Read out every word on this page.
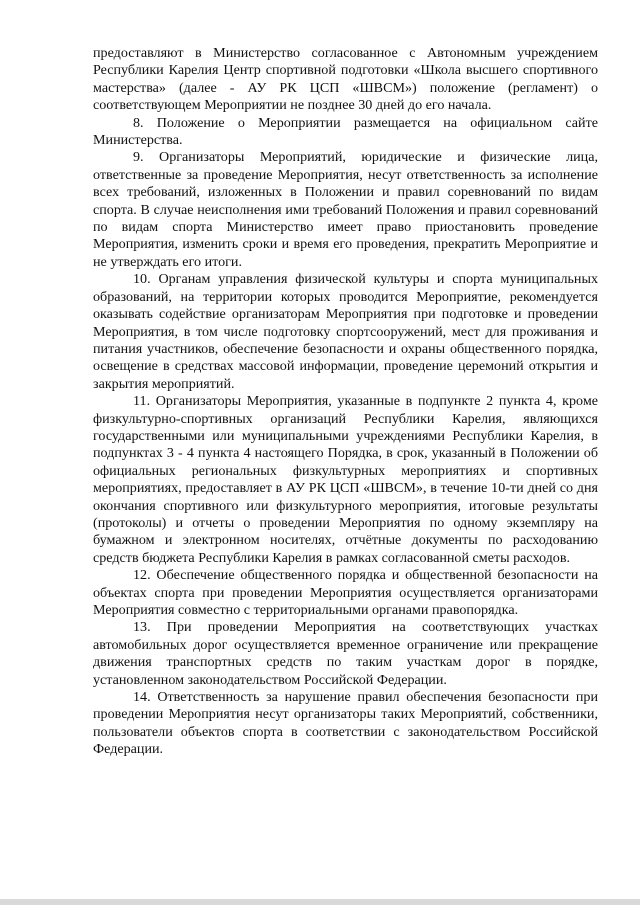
предоставляют в Министерство согласованное с Автономным учреждением Республики Карелия Центр спортивной подготовки «Школа высшего спортивного мастерства» (далее - АУ РК ЦСП «ШВСМ») положение (регламент) о соответствующем Мероприятии не позднее 30 дней до его начала.

8. Положение о Мероприятии размещается на официальном сайте Министерства.

9. Организаторы Мероприятий, юридические и физические лица, ответственные за проведение Мероприятия, несут ответственность за исполнение всех требований, изложенных в Положении и правил соревнований по видам спорта. В случае неисполнения ими требований Положения и правил соревнований по видам спорта Министерство имеет право приостановить проведение Мероприятия, изменить сроки и время его проведения, прекратить Мероприятие и не утверждать его итоги.

10. Органам управления физической культуры и спорта муниципальных образований, на территории которых проводится Мероприятие, рекомендуется оказывать содействие организаторам Мероприятия при подготовке и проведении Мероприятия, в том числе подготовку спортсооружений, мест для проживания и питания участников, обеспечение безопасности и охраны общественного порядка, освещение в средствах массовой информации, проведение церемоний открытия и закрытия мероприятий.

11. Организаторы Мероприятия, указанные в подпункте 2 пункта 4, кроме физкультурно-спортивных организаций Республики Карелия, являющихся государственными или муниципальными учреждениями Республики Карелия, в подпунктах 3 - 4 пункта 4 настоящего Порядка, в срок, указанный в Положении об официальных региональных физкультурных мероприятиях и спортивных мероприятиях, предоставляет в АУ РК ЦСП «ШВСМ», в течение 10-ти дней со дня окончания спортивного или физкультурного мероприятия, итоговые результаты (протоколы) и отчеты о проведении Мероприятия по одному экземпляру на бумажном и электронном носителях, отчётные документы по расходованию средств бюджета Республики Карелия в рамках согласованной сметы расходов.

12. Обеспечение общественного порядка и общественной безопасности на объектах спорта при проведении Мероприятия осуществляется организаторами Мероприятия совместно с территориальными органами правопорядка.

13. При проведении Мероприятия на соответствующих участках автомобильных дорог осуществляется временное ограничение или прекращение движения транспортных средств по таким участкам дорог в порядке, установленном законодательством Российской Федерации.

14. Ответственность за нарушение правил обеспечения безопасности при проведении Мероприятия несут организаторы таких Мероприятий, собственники, пользователи объектов спорта в соответствии с законодательством Российской Федерации.
